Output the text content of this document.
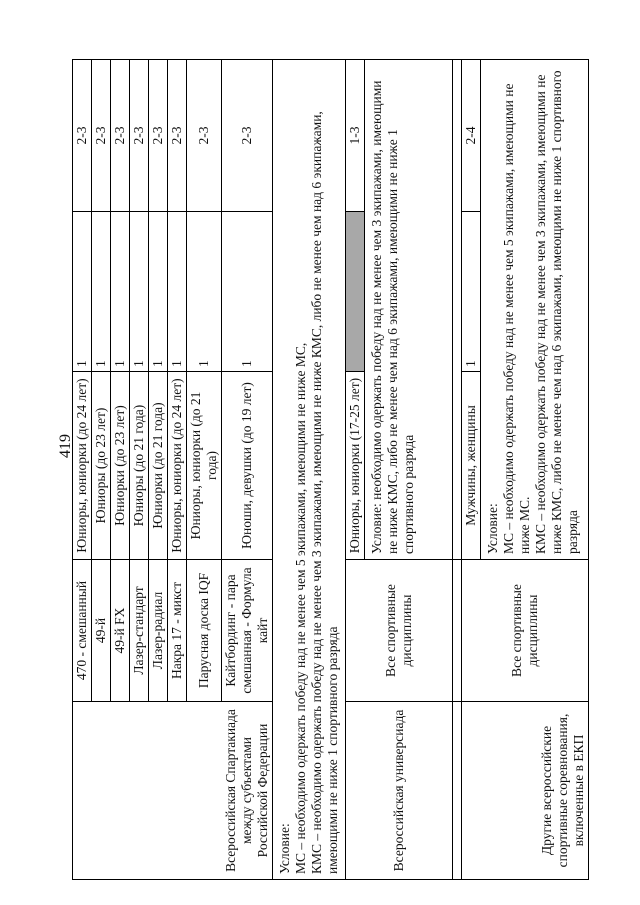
419
Всероссийская Спартакиада между субъектами Российской Федерации	470 - смешанный	Юниоры, юниорки (до 24 лет)	1	2-3
	49-й	Юниоры (до 23 лет)	1	2-3
	49-й FX	Юниорки (до 23 лет)	1	2-3
	Лазер-стандарт	Юниоры (до 21 года)	1	2-3
	Лазер-радиал	Юниорки (до 21 года)	1	2-3
	Накра 17 - микст	Юниоры, юниорки (до 24 лет)	1	2-3
	Парусная доска IQF	Юниоры, юниорки (до 21 года)	1	2-3
	Кайтбординг - пара смешанная - Формула кайт	Юноши, девушки (до 19 лет)	1	2-3

Условие: МС – необходимо одержать победу над не менее чем 5 экипажами, имеющими не ниже МС, КМС – необходимо одержать победу над не менее чем 3 экипажами, имеющими не ниже КМС, либо не менее чем над 6 экипажами, имеющими не ниже 1 спортивного разряда				

Всероссийская универсиада	Все спортивные дисциплины	Юниоры, юниорки (17-25 лет)		1-3
		Условие: необходимо одержать победу над не менее чем 3 экипажами, имеющими не ниже КМС, либо не менее чем над 6 экипажами, имеющими не ниже 1 спортивного разряда		

Другие всероссийские спортивные соревнования, включенные в ЕКП	Все спортивные дисциплины	Мужчины, женщины	1	2-4

		Условие: МС – необходимо одержать победу над не менее чем 5 экипажами, имеющими не ниже МС. КМС – необходимо одержать победу над не менее чем 3 экипажами, имеющими не ниже КМС, либо не менее чем над 6 экипажами, имеющими не ниже 1 спортивного разряда		
